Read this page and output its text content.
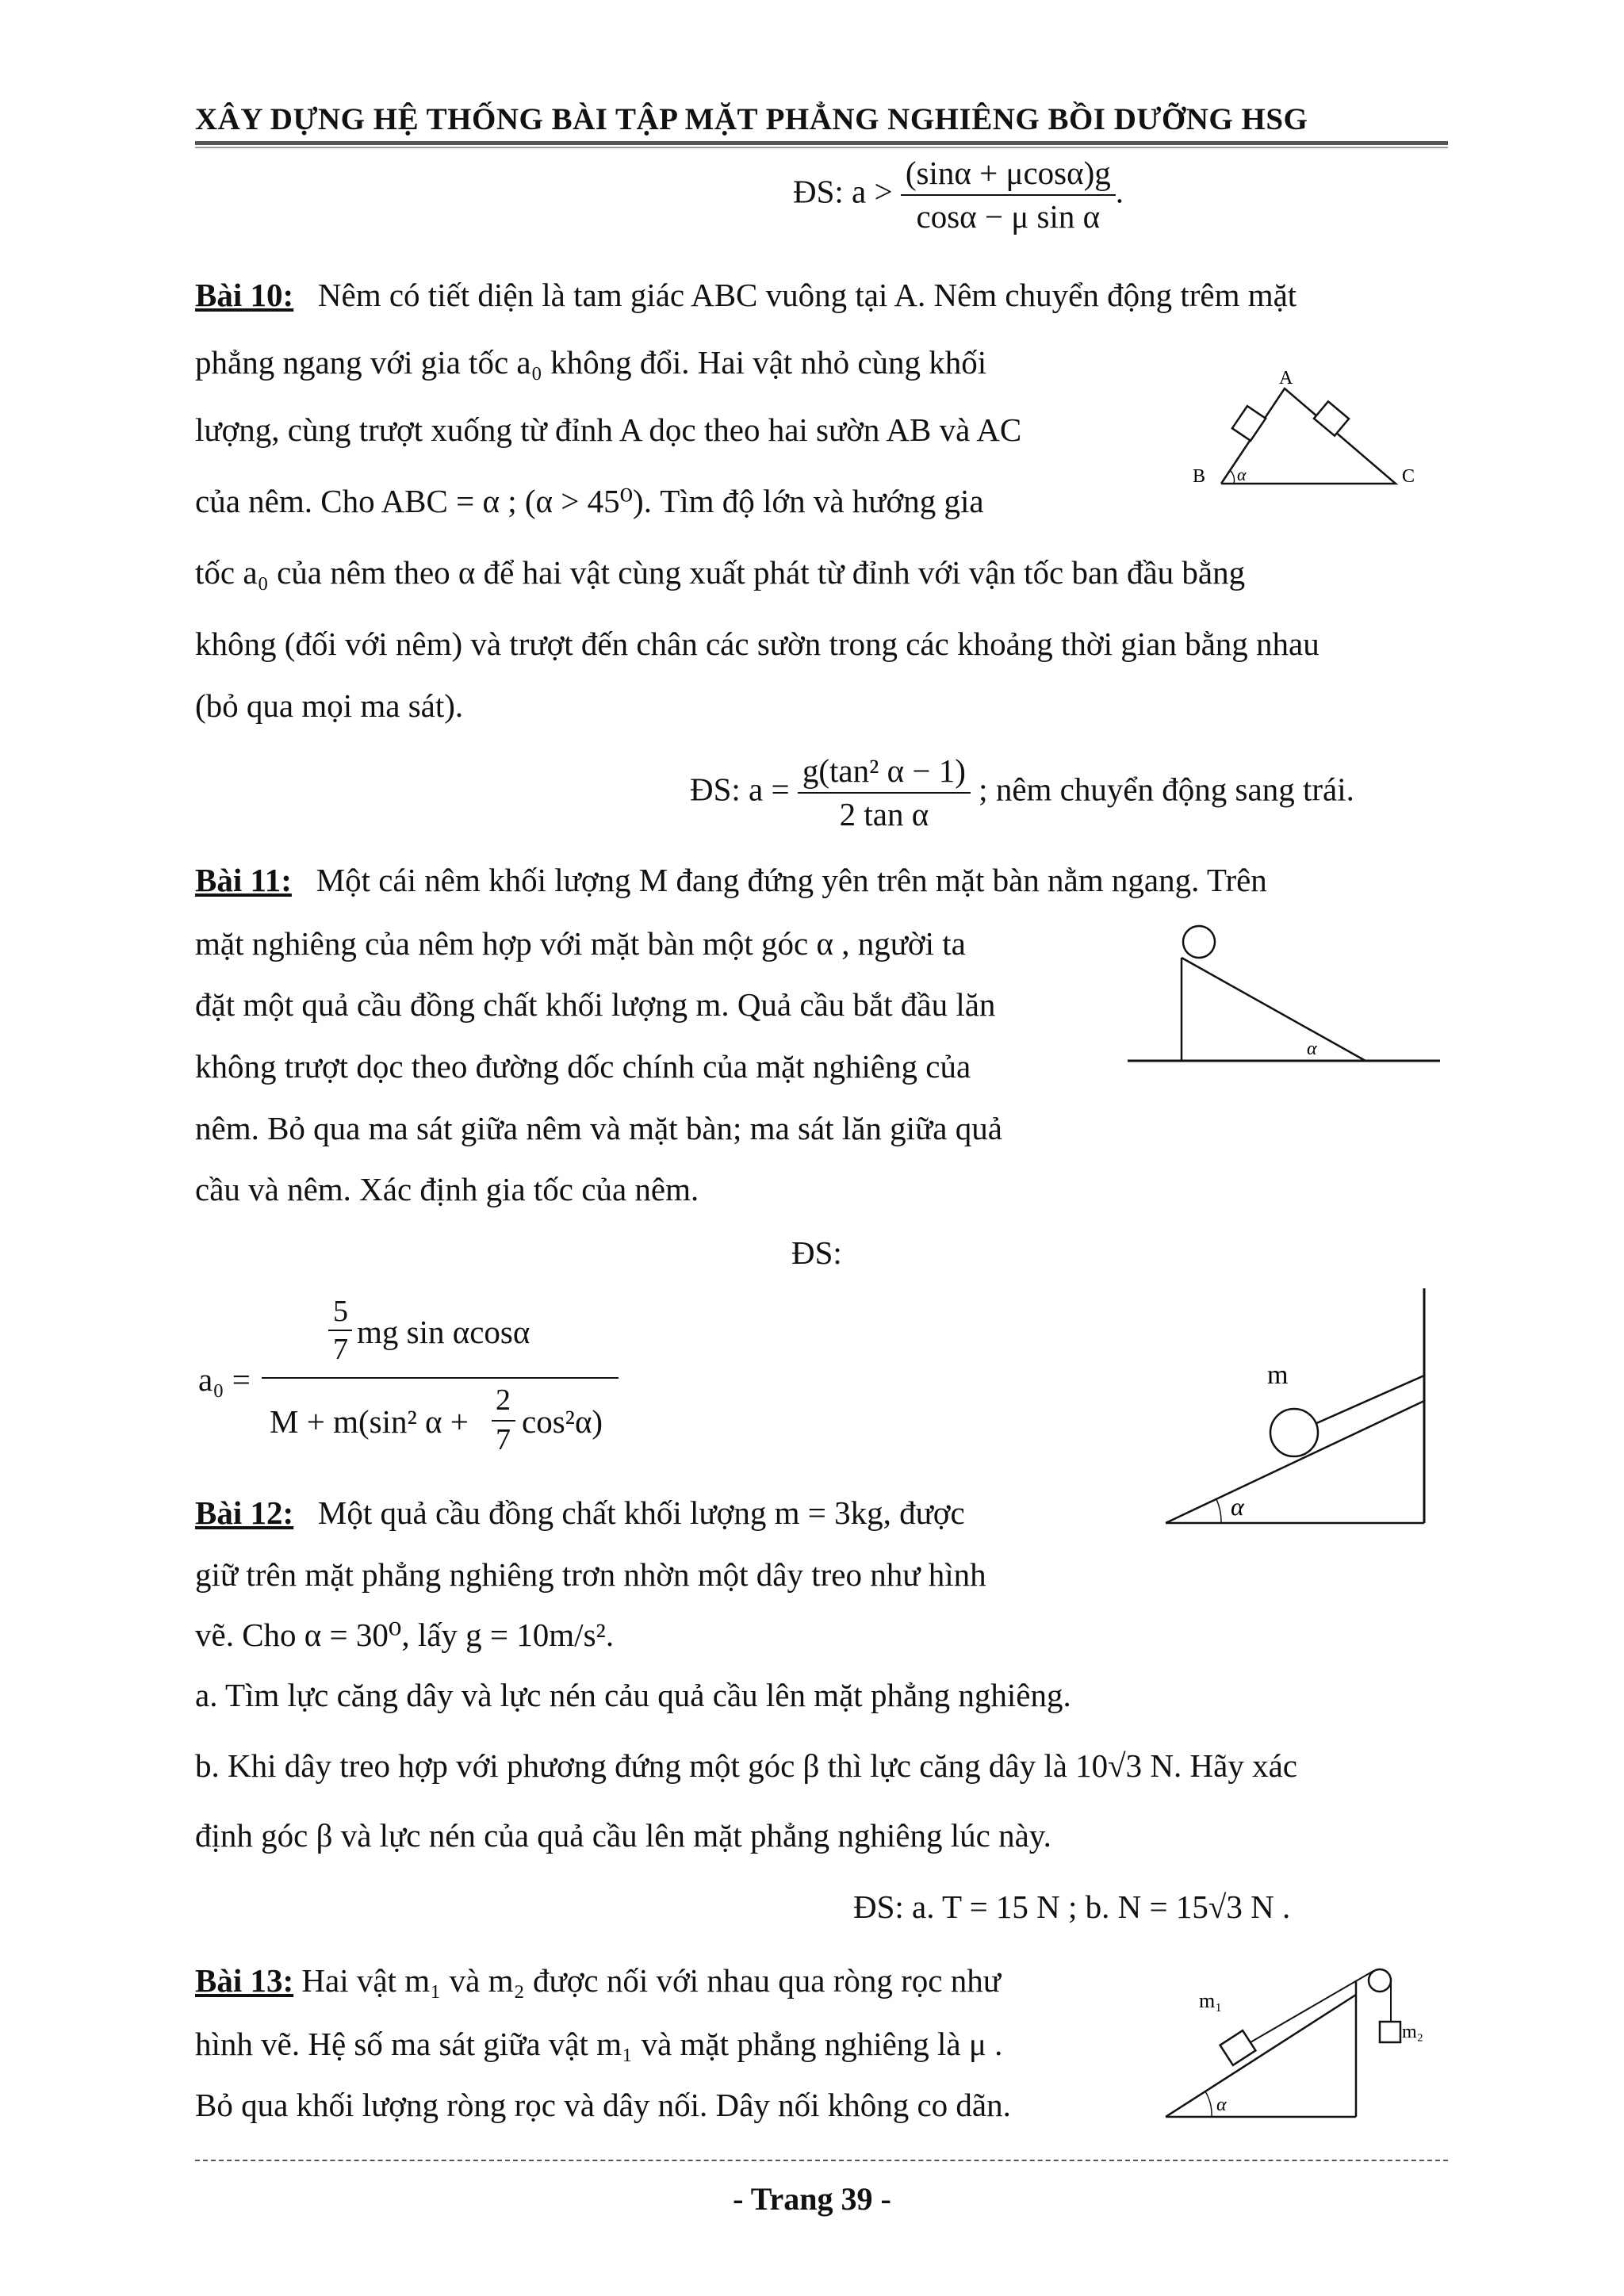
XÂY DỰNG HỆ THỐNG BÀI TẬP MẶT PHẲNG NGHIÊNG BỒI DƯỠNG HSG
ĐS: $a > \frac{(\sin\alpha + \mu\cos\alpha)g}{\text{cosα − μ sin α}}$ .
Bài 10: Nêm có tiết diện là tam giác ABC vuông tại A. Nêm chuyển động trêm mặt
phẳng ngang với gia tốc a₀ không đổi. Hai vật nhỏ cùng khối
lượng, cùng trượt xuống từ đỉnh A dọc theo hai sườn AB và AC
của nêm. Cho ABC = α ; (α > 45⁰). Tìm độ lớn và hướng gia
tốc a₀ của nêm theo α để hai vật cùng xuất phát từ đỉnh với vận tốc ban đầu bằng
không (đối với nêm) và trượt đến chân các sườn trong các khoảng thời gian bằng nhau
(bỏ qua mọi ma sát).
ĐS: $a = \frac{\text{g(tan² α − 1)}}{\text{2 tan α}}$ ; nêm chuyển động sang trái.
A
B	C
α
Bài 11: Một cái nêm khối lượng M đang đứng yên trên mặt bàn nằm ngang. Trên
mặt nghiêng của nêm hợp với mặt bàn một góc α , người ta
đặt một quả cầu đồng chất khối lượng m. Quả cầu bắt đầu lăn
không trượt dọc theo đường dốc chính của mặt nghiêng của
nêm. Bỏ qua ma sát giữa nêm và mặt bàn; ma sát lăn giữa quả
cầu và nêm. Xác định gia tốc của nêm.
ĐS:
a₀ =
5
7 mg sin αcosα
M + m(sin² α +
2
7 cos²α)
α
m
α
Bài 12: Một quả cầu đồng chất khối lượng m = 3kg, được
giữ trên mặt phẳng nghiêng trơn nhờn một dây treo như hình
vẽ. Cho α = 30⁰, lấy g = 10m/s².
a. Tìm lực căng dây và lực nén cảu quả cầu lên mặt phẳng nghiêng.
b. Khi dây treo hợp với phương đứng một góc β thì lực căng dây là 10√3 N. Hãy xác
định góc β và lực nén của quả cầu lên mặt phẳng nghiêng lúc này.
ĐS: a. T = 15 N ; b. N = 15√3 N .
Bài 13: Hai vật m₁ và m₂ được nối với nhau qua ròng rọc như
hình vẽ. Hệ số ma sát giữa vật m₁ và mặt phẳng nghiêng là μ .
Bỏ qua khối lượng ròng rọc và dây nối. Dây nối không co dãn.
m₁
m₂
α
- Trang 39 -
